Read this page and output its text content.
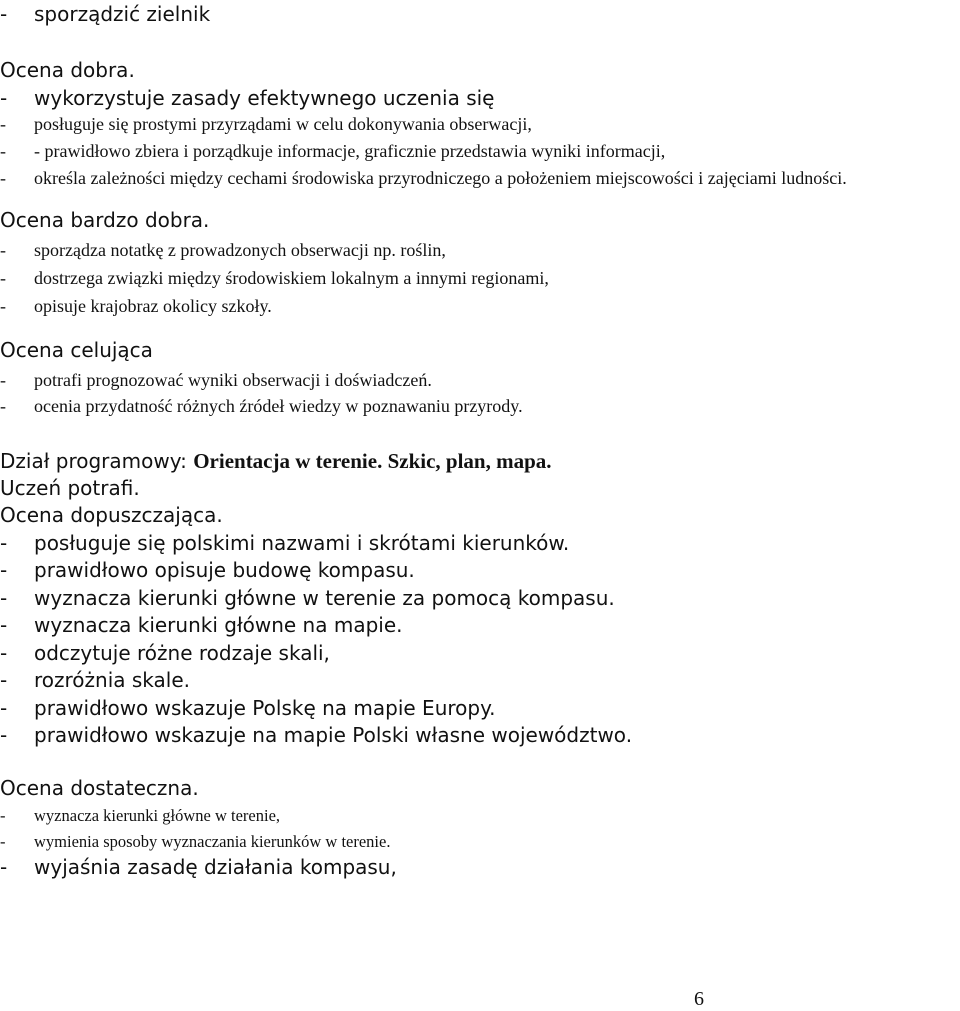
-	sporządzić zielnik
Ocena dobra.
-	wykorzystuje zasady efektywnego uczenia się
-	posługuje się prostymi przyrządami w celu dokonywania obserwacji,
-	- prawidłowo zbiera i porządkuje informacje, graficznie przedstawia wyniki informacji,
-	określa zależności między cechami środowiska przyrodniczego a położeniem miejscowości i zajęciami ludności.
Ocena bardzo dobra.
-	sporządza notatkę z prowadzonych obserwacji np. roślin,
-	dostrzega związki między środowiskiem lokalnym a innymi regionami,
-	opisuje krajobraz okolicy szkoły.
Ocena celująca
-	potrafi prognozować wyniki obserwacji i doświadczeń.
-	ocenia przydatność różnych źródeł wiedzy w poznawaniu przyrody.
Dział programowy: Orientacja w terenie. Szkic, plan, mapa.
Uczeń potrafi.
Ocena dopuszczająca.
-	posługuje się polskimi nazwami i skrótami kierunków.
-	prawidłowo opisuje budowę kompasu.
-	wyznacza kierunki główne w terenie za pomocą kompasu.
-	wyznacza kierunki główne na mapie.
-	odczytuje różne rodzaje skali,
-	rozróżnia skale.
-	prawidłowo wskazuje Polskę na mapie Europy.
-	prawidłowo wskazuje na mapie Polski własne województwo.
Ocena dostateczna.
-	wyznacza kierunki główne w terenie,
-	wymienia sposoby wyznaczania kierunków w terenie.
-	wyjaśnia zasadę działania kompasu,
6
